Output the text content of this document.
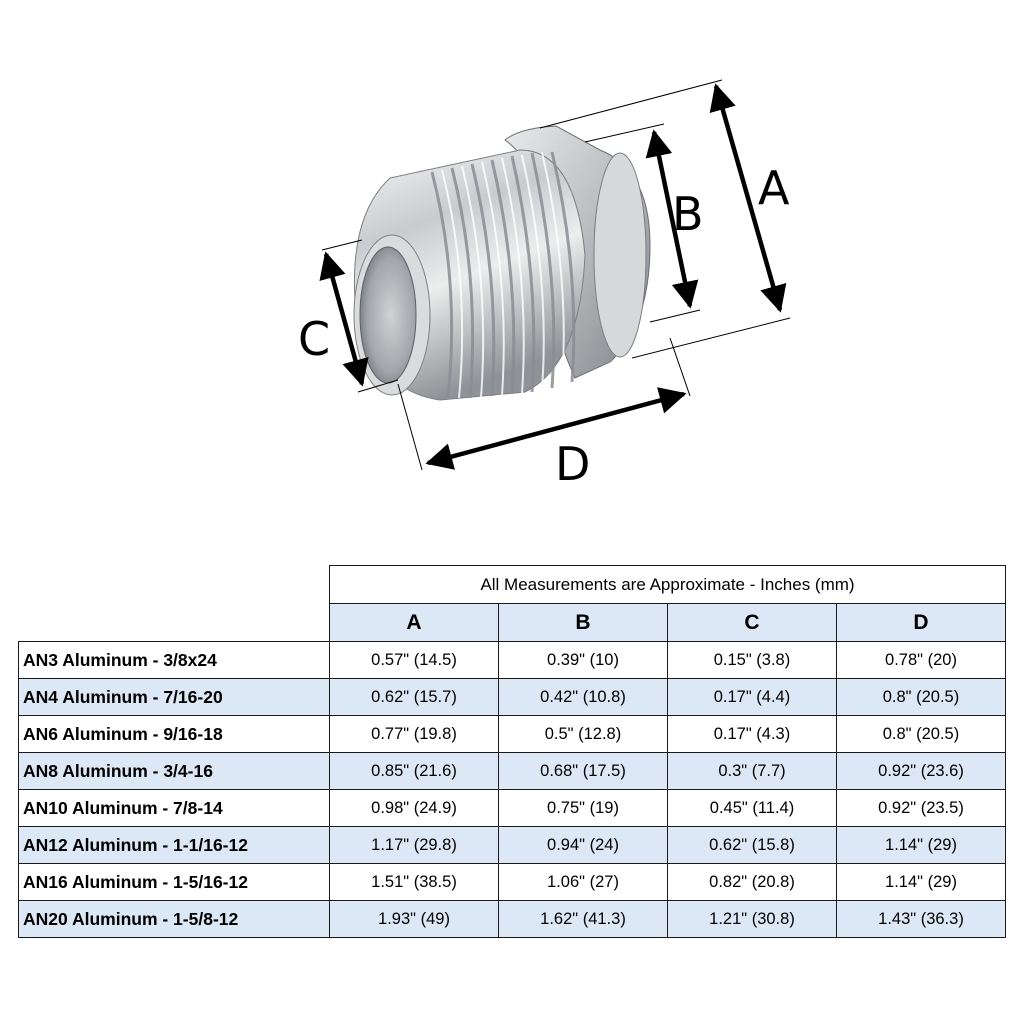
A
B
C
D
	All Measurements are Approximate - Inches (mm)			
	A	B	C	D
AN3 Aluminum - 3/8x24	0.57" (14.5)	0.39" (10)	0.15" (3.8)	0.78" (20)
AN4 Aluminum - 7/16-20	0.62" (15.7)	0.42" (10.8)	0.17" (4.4)	0.8" (20.5)
AN6 Aluminum - 9/16-18	0.77" (19.8)	0.5" (12.8)	0.17" (4.3)	0.8" (20.5)
AN8 Aluminum - 3/4-16	0.85" (21.6)	0.68" (17.5)	0.3" (7.7)	0.92" (23.6)
AN10 Aluminum - 7/8-14	0.98" (24.9)	0.75" (19)	0.45" (11.4)	0.92" (23.5)
AN12 Aluminum - 1-1/16-12	1.17" (29.8)	0.94" (24)	0.62" (15.8)	1.14" (29)
AN16 Aluminum - 1-5/16-12	1.51" (38.5)	1.06" (27)	0.82" (20.8)	1.14" (29)
AN20 Aluminum - 1-5/8-12	1.93" (49)	1.62" (41.3)	1.21" (30.8)	1.43" (36.3)
